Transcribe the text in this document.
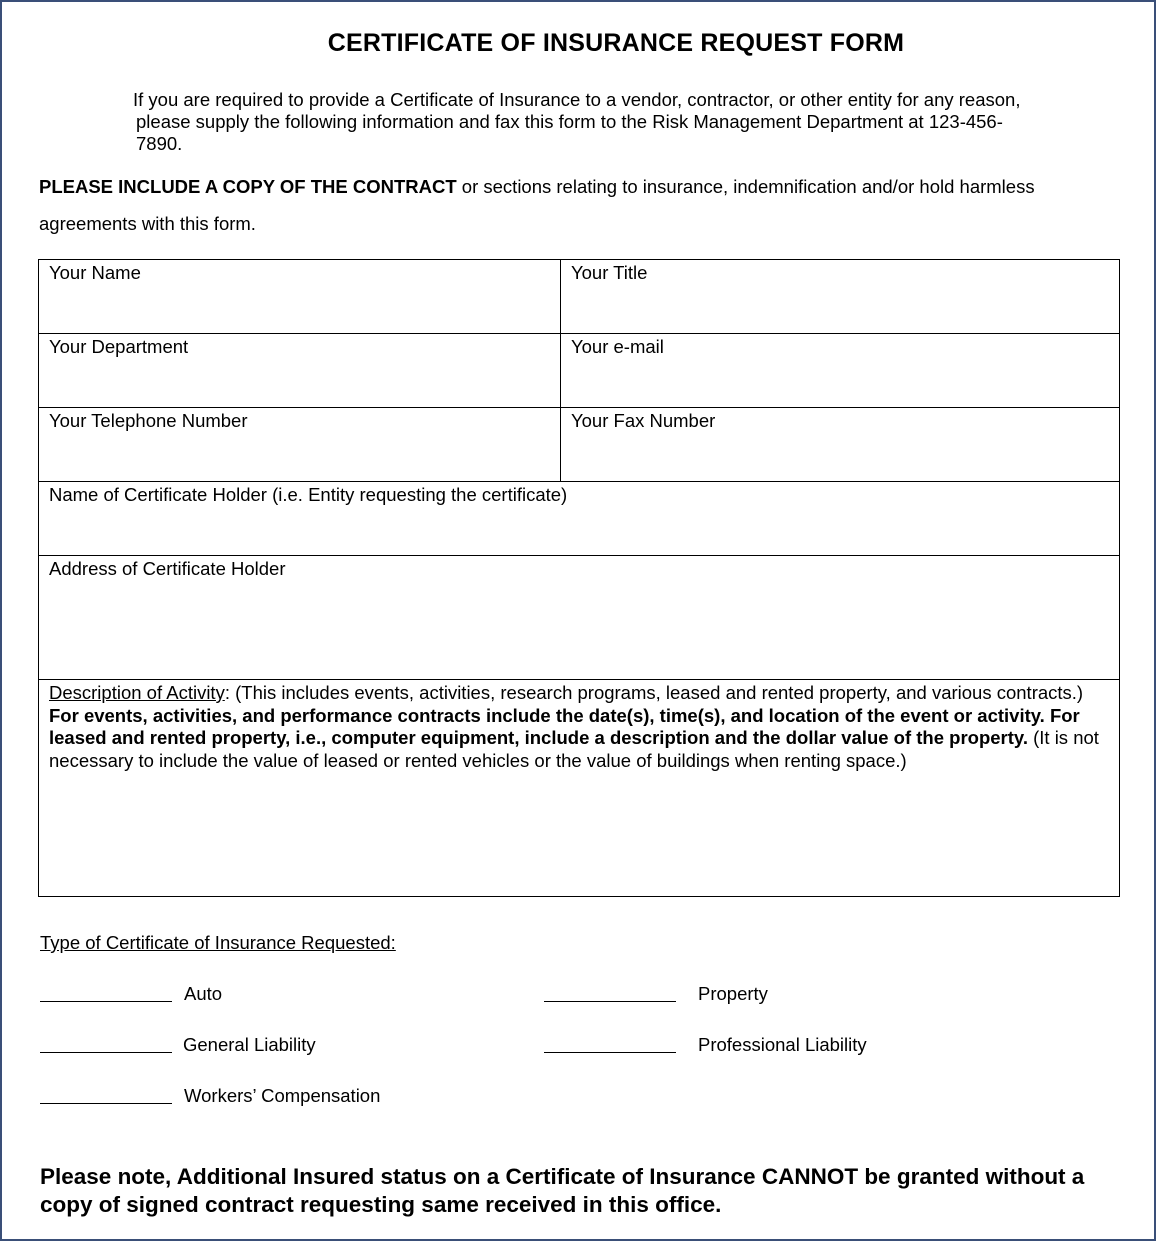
CERTIFICATE OF INSURANCE REQUEST FORM
If you are required to provide a Certificate of Insurance to a vendor, contractor, or other entity for any reason,
please supply the following information and fax this form to the Risk Management Department at 123-456-
7890.
PLEASE INCLUDE A COPY OF THE CONTRACT or sections relating to insurance, indemnification and/or hold harmless agreements with this form.
Your Name	Your Title
Your Department	Your e-mail
Your Telephone Number	Your Fax Number
Name of Certificate Holder (i.e. Entity requesting the certificate)	
Address of Certificate Holder	
Description of Activity: (This includes events, activities, research programs, leased and rented property, and various contracts.) For events, activities, and performance contracts include the date(s), time(s), and location of the event or activity. For leased and rented property, i.e., computer equipment, include a description and the dollar value of the property. (It is not necessary to include the value of leased or rented vehicles or the value of buildings when renting space.)	
Type of Certificate of Insurance Requested:
Auto	Property
General Liability	Professional Liability
Workers’ Compensation
Please note, Additional Insured status on a Certificate of Insurance CANNOT be granted without a copy of signed contract requesting same received in this office.
